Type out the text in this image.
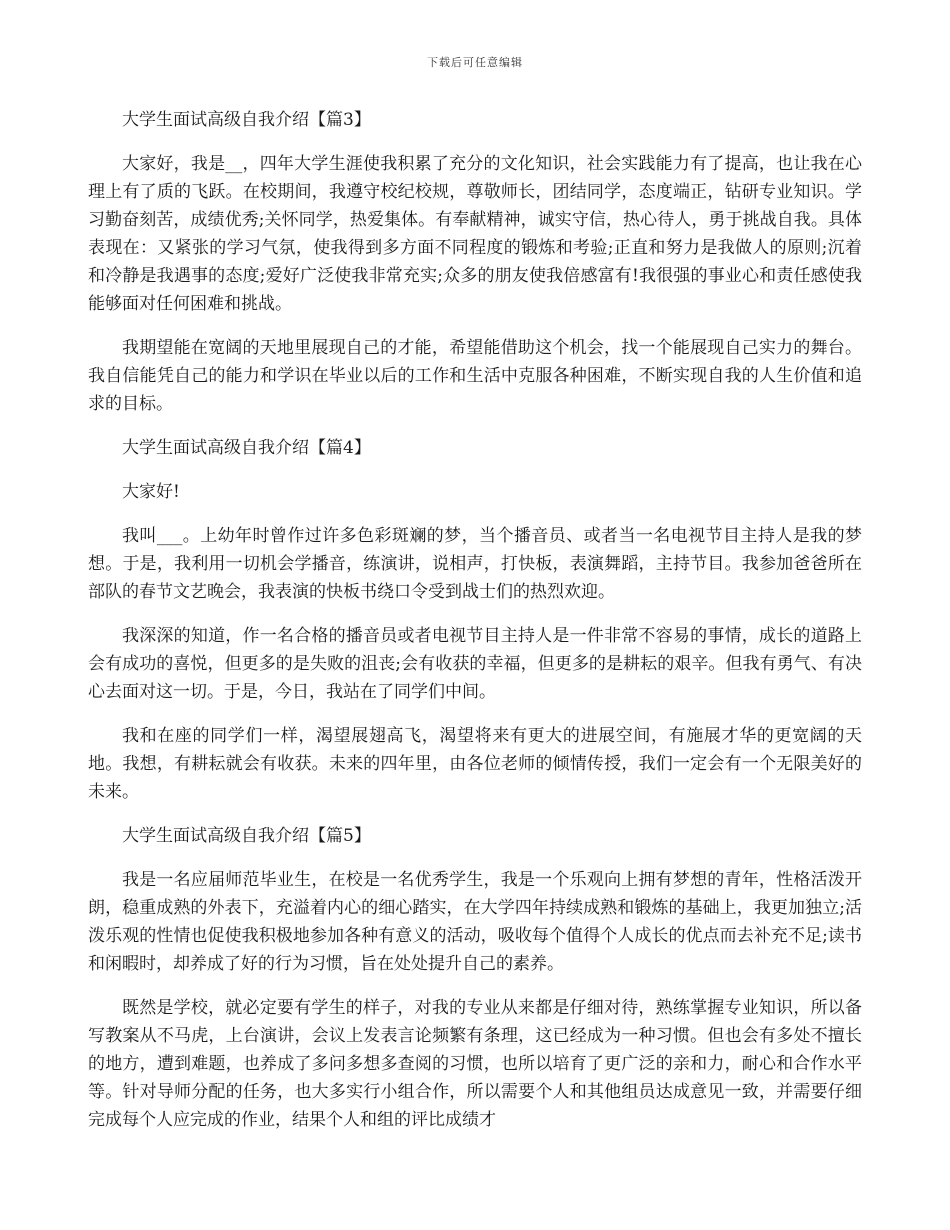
下载后可任意编辑
大学生面试高级自我介绍【篇3】

大家好，我是__，四年大学生涯使我积累了充分的文化知识，社会实践能力有了提高，也让我在心理上有了质的飞跃。在校期间，我遵守校纪校规，尊敬师长，团结同学，态度端正，钻研专业知识。学习勤奋刻苦，成绩优秀;关怀同学，热爱集体。有奉献精神，诚实守信，热心待人，勇于挑战自我。具体表现在：又紧张的学习气氛，使我得到多方面不同程度的锻炼和考验;正直和努力是我做人的原则;沉着和冷静是我遇事的态度;爱好广泛使我非常充实;众多的朋友使我倍感富有!我很强的事业心和责任感使我能够面对任何困难和挑战。

我期望能在宽阔的天地里展现自己的才能，希望能借助这个机会，找一个能展现自己实力的舞台。我自信能凭自己的能力和学识在毕业以后的工作和生活中克服各种困难，不断实现自我的人生价值和追求的目标。

大学生面试高级自我介绍【篇4】

大家好!

我叫___。上幼年时曾作过许多色彩斑斓的梦，当个播音员、或者当一名电视节目主持人是我的梦想。于是，我利用一切机会学播音，练演讲，说相声，打快板，表演舞蹈，主持节目。我参加爸爸所在部队的春节文艺晚会，我表演的快板书绕口令受到战士们的热烈欢迎。

我深深的知道，作一名合格的播音员或者电视节目主持人是一件非常不容易的事情，成长的道路上会有成功的喜悦，但更多的是失败的沮丧;会有收获的幸福，但更多的是耕耘的艰辛。但我有勇气、有决心去面对这一切。于是，今日，我站在了同学们中间。

我和在座的同学们一样，渴望展翅高飞，渴望将来有更大的进展空间，有施展才华的更宽阔的天地。我想，有耕耘就会有收获。未来的四年里，由各位老师的倾情传授，我们一定会有一个无限美好的未来。

大学生面试高级自我介绍【篇5】

我是一名应届师范毕业生，在校是一名优秀学生，我是一个乐观向上拥有梦想的青年，性格活泼开朗，稳重成熟的外表下，充溢着内心的细心踏实，在大学四年持续成熟和锻炼的基础上，我更加独立;活泼乐观的性情也促使我积极地参加各种有意义的活动，吸收每个值得个人成长的优点而去补充不足;读书和闲暇时，却养成了好的行为习惯，旨在处处提升自己的素养。

既然是学校，就必定要有学生的样子，对我的专业从来都是仔细对待，熟练掌握专业知识，所以备写教案从不马虎，上台演讲，会议上发表言论频繁有条理，这已经成为一种习惯。但也会有多处不擅长的地方，遭到难题，也养成了多问多想多查阅的习惯，也所以培育了更广泛的亲和力，耐心和合作水平等。针对导师分配的任务，也大多实行小组合作，所以需要个人和其他组员达成意见一致，并需要仔细完成每个人应完成的作业，结果个人和组的评比成绩才
